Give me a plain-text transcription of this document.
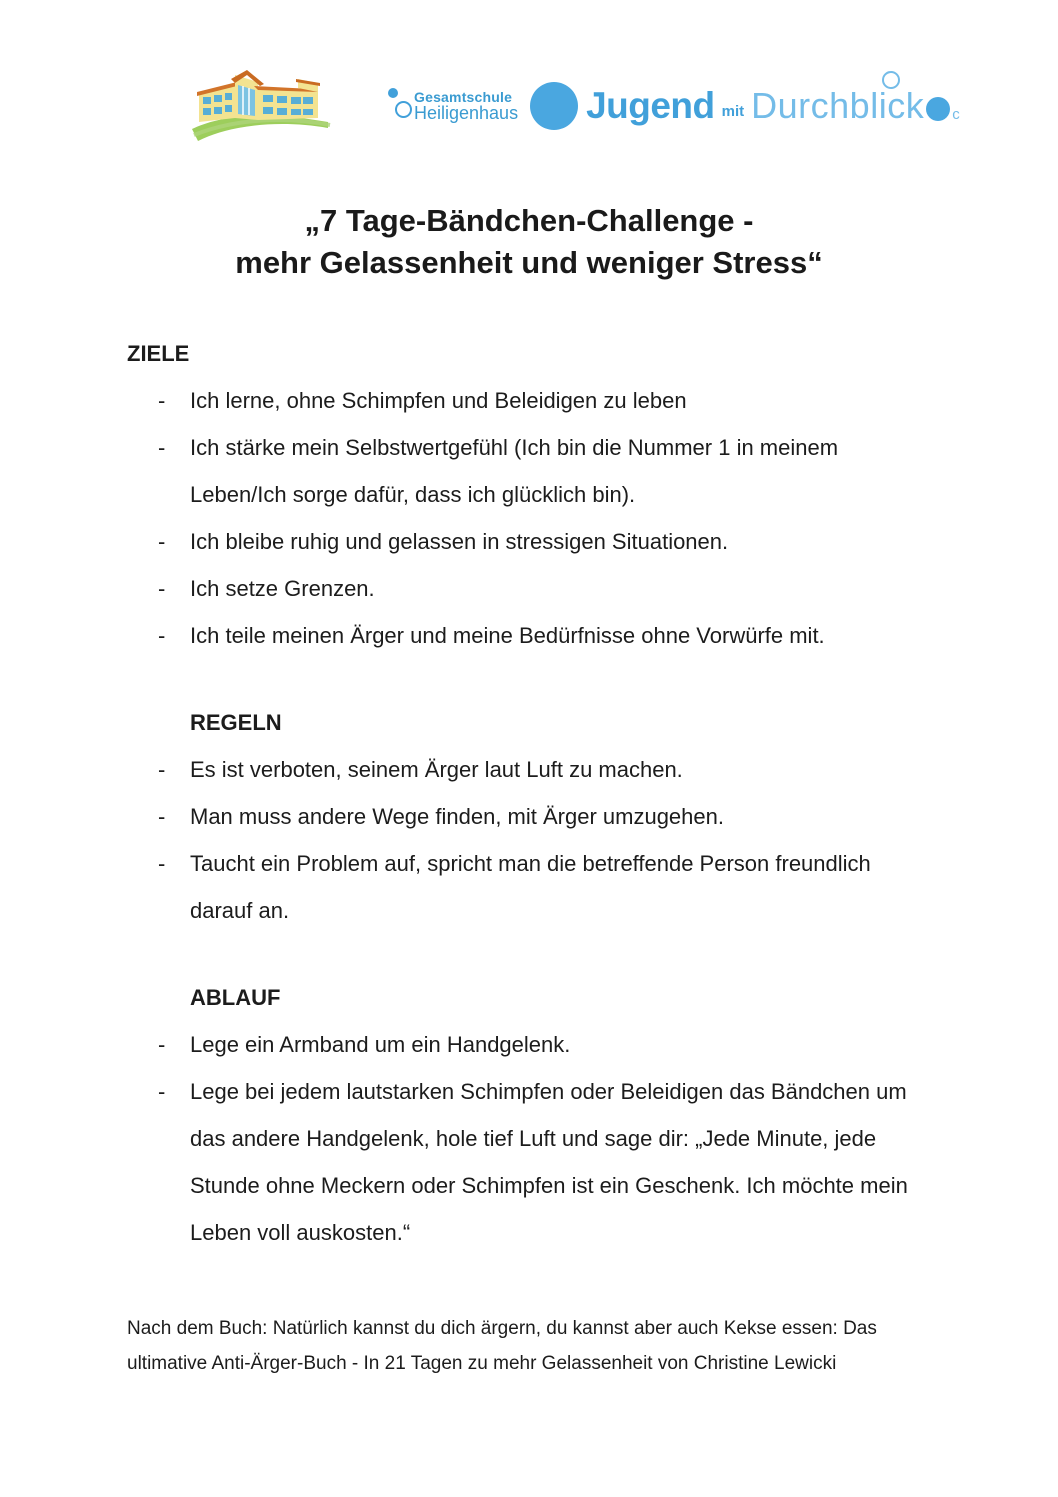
Gesamtschule
Heiligenhaus Jugend mit Durchblick c
„7 Tage-Bändchen-Challenge -
mehr Gelassenheit und weniger Stress“
ZIELE
-	Ich lerne, ohne Schimpfen und Beleidigen zu leben
-	Ich stärke mein Selbstwertgefühl (Ich bin die Nummer 1 in meinem Leben/Ich sorge dafür, dass ich glücklich bin).
-	Ich bleibe ruhig und gelassen in stressigen Situationen.
-	Ich setze Grenzen.
-	Ich teile meinen Ärger und meine Bedürfnisse ohne Vorwürfe mit.
REGELN
-	Es ist verboten, seinem Ärger laut Luft zu machen.
-	Man muss andere Wege finden, mit Ärger umzugehen.
-	Taucht ein Problem auf, spricht man die betreffende Person freundlich darauf an.
ABLAUF
-	Lege ein Armband um ein Handgelenk.
-	Lege bei jedem lautstarken Schimpfen oder Beleidigen das Bändchen um das andere Handgelenk, hole tief Luft und sage dir: „Jede Minute, jede Stunde ohne Meckern oder Schimpfen ist ein Geschenk. Ich möchte mein Leben voll auskosten.“
Nach dem Buch: Natürlich kannst du dich ärgern, du kannst aber auch Kekse essen: Das ultimative Anti-Ärger-Buch - In 21 Tagen zu mehr Gelassenheit von Christine Lewicki
